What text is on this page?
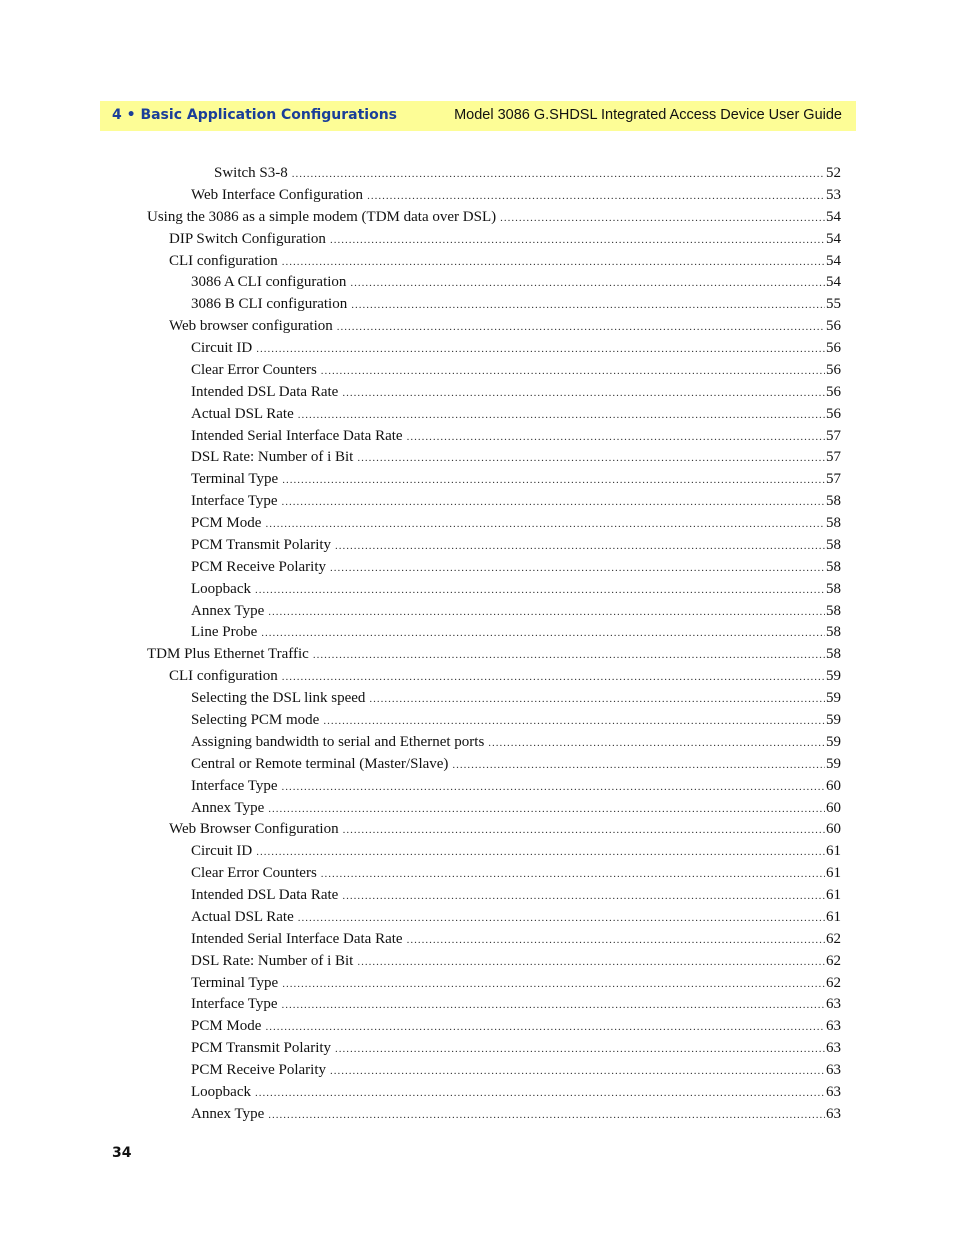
4 • Basic Application Configurations	Model 3086 G.SHDSL Integrated Access Device User Guide
Switch S3-8 .....	52
Web Interface Configuration .....	53
Using the 3086 as a simple modem (TDM data over DSL) .....	54
DIP Switch Configuration .....	54
CLI configuration .....	54
3086 A CLI configuration .....	54
3086 B CLI configuration .....	55
Web browser configuration .....	56
Circuit ID .....	56
Clear Error Counters .....	56
Intended DSL Data Rate .....	56
Actual DSL Rate .....	56
Intended Serial Interface Data Rate .....	57
DSL Rate: Number of i Bit .....	57
Terminal Type .....	57
Interface Type .....	58
PCM Mode .....	58
PCM Transmit Polarity .....	58
PCM Receive Polarity .....	58
Loopback .....	58
Annex Type .....	58
Line Probe .....	58
TDM Plus Ethernet Traffic .....	58
CLI configuration .....	59
Selecting the DSL link speed .....	59
Selecting PCM mode .....	59
Assigning bandwidth to serial and Ethernet ports .....	59
Central or Remote terminal (Master/Slave) .....	59
Interface Type .....	60
Annex Type .....	60
Web Browser Configuration .....	60
Circuit ID .....	61
Clear Error Counters .....	61
Intended DSL Data Rate .....	61
Actual DSL Rate .....	61
Intended Serial Interface Data Rate .....	62
DSL Rate: Number of i Bit .....	62
Terminal Type .....	62
Interface Type .....	63
PCM Mode .....	63
PCM Transmit Polarity .....	63
PCM Receive Polarity .....	63
Loopback .....	63
Annex Type .....	63
34
